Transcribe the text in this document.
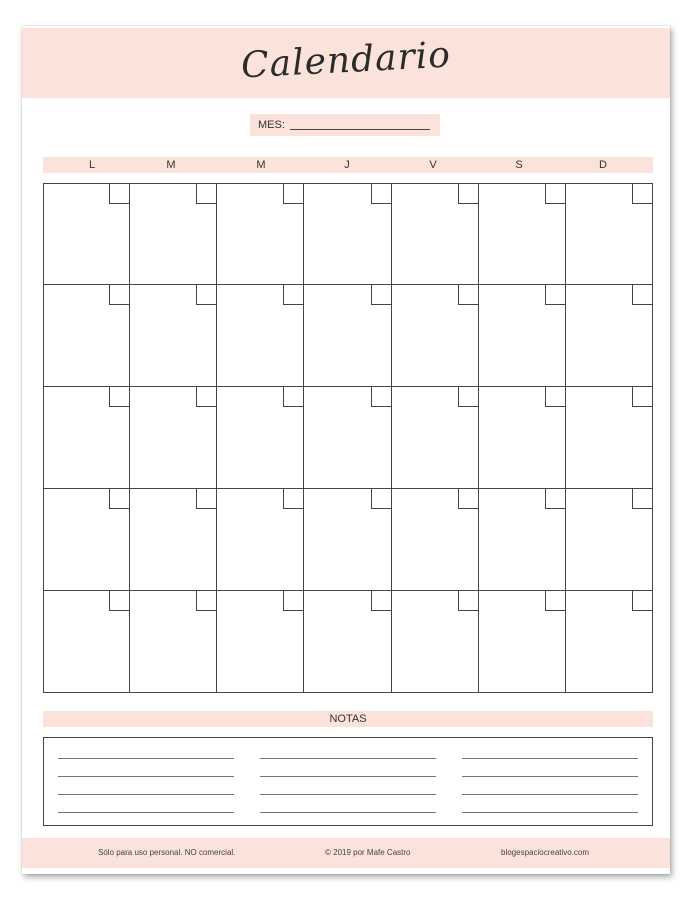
Calendario
MES:
L	M	M	J	V	S	D
NOTAS
Sólo para uso personal. NO comercial.	© 2019 por Mafe Castro	blogespaciocreativo.com
